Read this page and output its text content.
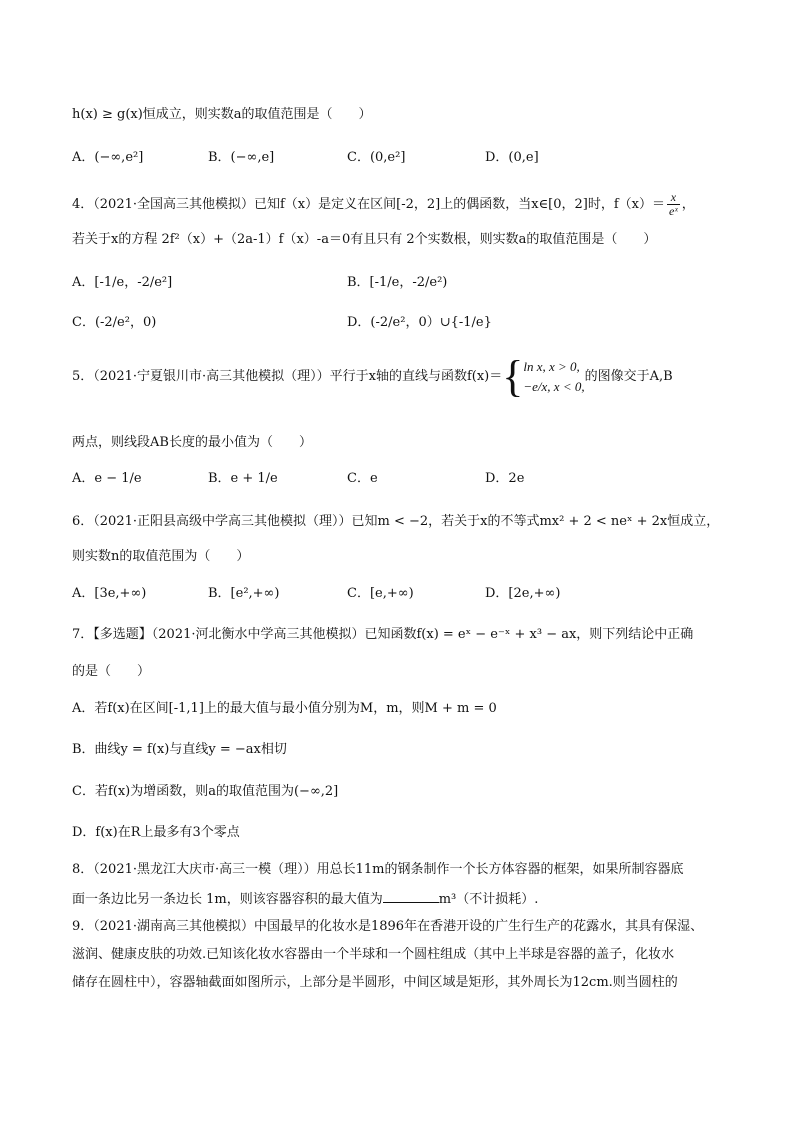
h(x) ≥ g(x)恒成立，则实数a的取值范围是（　　）
A．(−∞,e²]	B．(−∞,e]	C．(0,e²]	D．(0,e]
4．（2021·全国高三其他模拟）已知f（x）是定义在区间[-2，2]上的偶函数，当x∈[0，2]时，$f(x)= \frac{x}{\text{eˣ}}$ ，
若关于x的方程 2f²（x）+（2a-1）f（x）-a＝0有且只有 2个实数根，则实数a的取值范围是（　　）
A．[-1/e，-2/e²]	B．[-1/e，-2/e²)
C．(-2/e²，0)	D．(-2/e²，0）∪{-1/e}
5．（2021·宁夏银川市·高三其他模拟（理））平行于x轴的直线与函数f(x)＝{ ln x, x > 0,
−e/x, x < 0,
的图像交于A,B
两点，则线段AB长度的最小值为（　　）
A．e − 1/e	B．e + 1/e	C．e	D．2e
6．（2021·正阳县高级中学高三其他模拟（理））已知m < −2，若关于x的不等式mx² + 2 < neˣ + 2x恒成立，
则实数n的取值范围为（　　）
A．[3e,+∞)	B．[e²,+∞)	C．[e,+∞)	D．[2e,+∞)
7．【多选题】（2021·河北衡水中学高三其他模拟）已知函数f(x) = eˣ − e⁻ˣ + x³ − ax，则下列结论中正确
的是（　　）
A．若f(x)在区间[-1,1]上的最大值与最小值分别为M，m，则M + m = 0
B．曲线y = f(x)与直线y = −ax相切
C．若f(x)为增函数，则a的取值范围为(−∞,2]
D．f(x)在R上最多有3个零点
8．（2021·黑龙江大庆市·高三一模（理））用总长11m的钢条制作一个长方体容器的框架，如果所制容器底
面一条边比另一条边长 1m，则该容器容积的最大值为	m³（不计损耗）.
9．（2021·湖南高三其他模拟）中国最早的化妆水是1896年在香港开设的广生行生产的花露水，其具有保湿、
滋润、健康皮肤的功效.已知该化妆水容器由一个半球和一个圆柱组成（其中上半球是容器的盖子，化妆水
储存在圆柱中），容器轴截面如图所示，上部分是半圆形，中间区域是矩形，其外周长为12cm.则当圆柱的
